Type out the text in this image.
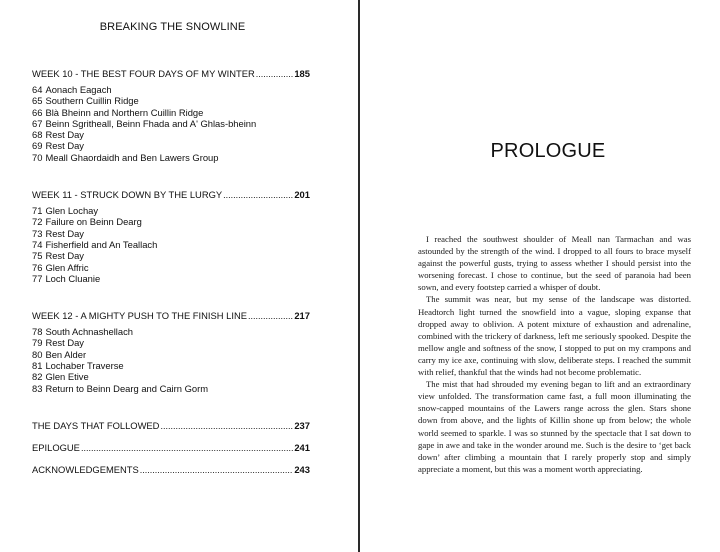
BREAKING THE SNOWLINE
WEEK 10 - THE BEST FOUR DAYS OF MY WINTER .....	185
64 Aonach Eagach
65 Southern Cuillin Ridge
66 Blà Bheinn and Northern Cuillin Ridge
67 Beinn Sgritheall, Beinn Fhada and A' Ghlas-bheinn
68 Rest Day
69 Rest Day
70 Meall Ghaordaidh and Ben Lawers Group
WEEK 11 - STRUCK DOWN BY THE LURGY .....	201
71 Glen Lochay
72 Failure on Beinn Dearg
73 Rest Day
74 Fisherfield and An Teallach
75 Rest Day
76 Glen Affric
77 Loch Cluanie
WEEK 12 - A MIGHTY PUSH TO THE FINISH LINE .....	217
78 South Achnashellach
79 Rest Day
80 Ben Alder
81 Lochaber Traverse
82 Glen Etive
83 Return to Beinn Dearg and Cairn Gorm
THE DAYS THAT FOLLOWED .....	237
EPILOGUE .....	241
ACKNOWLEDGEMENTS .....	243

I reached the southwest shoulder of Meall nan Tarmachan and was astounded by the strength of the wind. I dropped to all fours to brace myself against the powerful gusts, trying to assess whether I should persist into the worsening forecast. I chose to continue, but the seed of paranoia had been sown, and every footstep carried a whisper of doubt.

The summit was near, but my sense of the landscape was distorted. Headtorch light turned the snowfield into a vague, sloping expanse that dropped away to oblivion. A potent mixture of exhaustion and adrenaline, combined with the trickery of darkness, left me seriously spooked. Despite the mellow angle and softness of the snow, I stopped to put on my crampons and carry my ice axe, continuing with slow, deliberate steps. I reached the summit with relief, thankful that the winds had not become problematic.

The mist that had shrouded my evening began to lift and an extraordinary view unfolded. The transformation came fast, a full moon illuminating the snow-capped mountains of the Lawers range across the glen. Stars shone down from above, and the lights of Killin shone up from below; the whole world seemed to sparkle. I was so stunned by the spectacle that I sat down to gape in awe and take in the wonder around me. Such is the desire to ‘get back down’ after climbing a mountain that I rarely properly stop and simply appreciate a moment, but this was a moment worth appreciating.

PROLOGUE
